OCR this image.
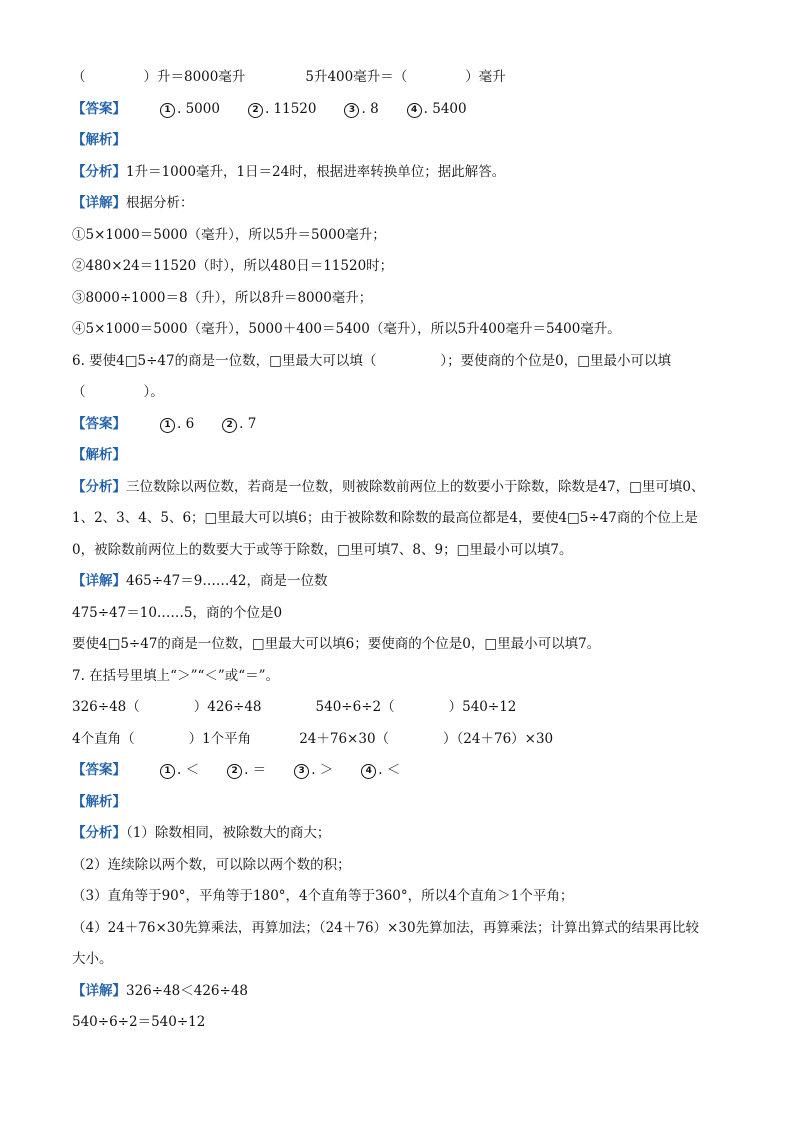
（	）升＝8000毫升	5升400毫升＝（	）毫升
【答案】	1 . 5000	2 . 11520	3 . 8	4 . 5400
【解析】
【分析】1升＝1000毫升，1日＝24时，根据进率转换单位；据此解答。
【详解】根据分析：
①5×1000＝5000（毫升），所以5升＝5000毫升；
②480×24＝11520（时），所以480日＝11520时；
③8000÷1000＝8（升），所以8升＝8000毫升；
④5×1000＝5000（毫升），5000＋400＝5400（毫升），所以5升400毫升＝5400毫升。
6. 要使4□5÷47的商是一位数，□里最大可以填（	）；要使商的个位是0，□里最小可以填
（	）。
【答案】	1 . 6	2 . 7
【解析】
【分析】三位数除以两位数，若商是一位数，则被除数前两位上的数要小于除数，除数是47，□里可填0、
1、2、3、4、5、6；□里最大可以填6；由于被除数和除数的最高位都是4，要使4□5÷47商的个位上是
0，被除数前两位上的数要大于或等于除数，□里可填7、8、9；□里最小可以填7。
【详解】465÷47＝9……42，商是一位数
475÷47＝10……5，商的个位是0
要使4□5÷47的商是一位数，□里最大可以填6；要使商的个位是0，□里最小可以填7。
7. 在括号里填上“＞”“＜”或“＝”。
326÷48（	）426÷48	540÷6÷2（	）540÷12
4个直角（	）1个平角	24＋76×30（	）（24＋76）×30
【答案】	1 . ＜	2 . ＝	3 . ＞	4 . ＜
【解析】
【分析】（1）除数相同，被除数大的商大；
（2）连续除以两个数，可以除以两个数的积；
（3）直角等于90°，平角等于180°，4个直角等于360°，所以4个直角＞1个平角；
（4）24＋76×30先算乘法，再算加法；（24＋76）×30先算加法，再算乘法；计算出算式的结果再比较
大小。
【详解】326÷48＜426÷48
540÷6÷2＝540÷12
